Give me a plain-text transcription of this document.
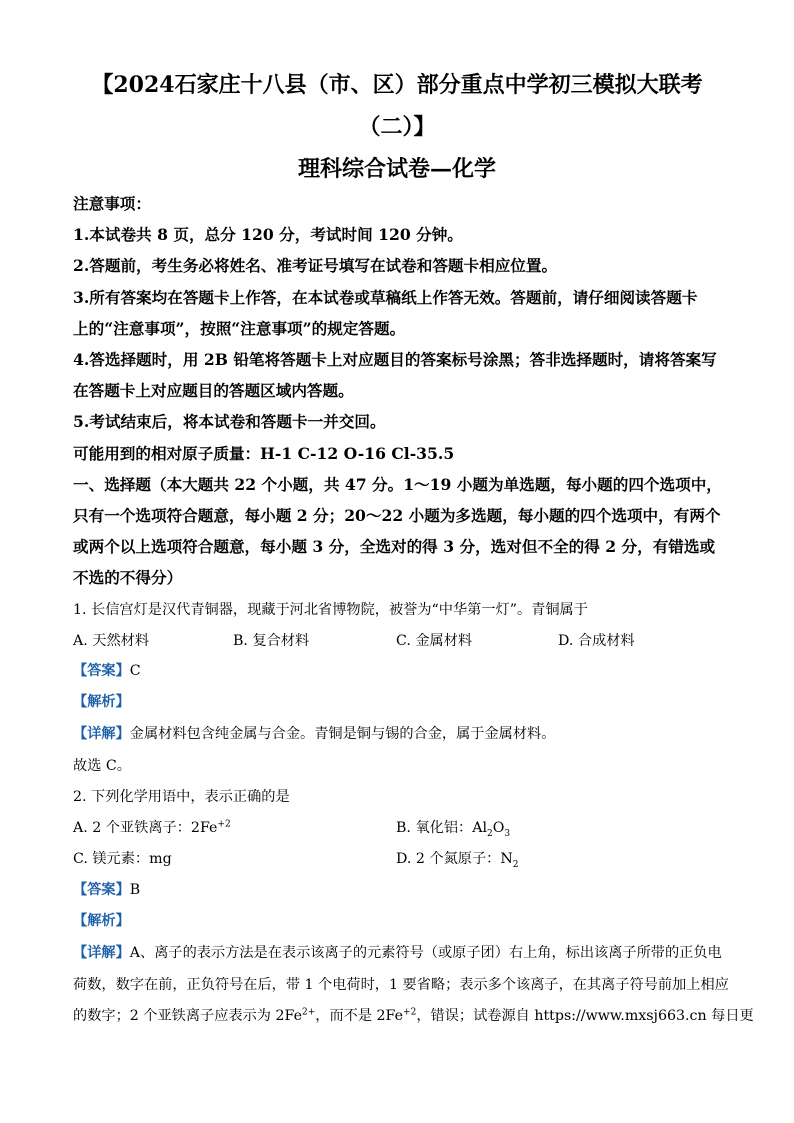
【2024石家庄十八县（市、区）部分重点中学初三模拟大联考
（二）】
理科综合试卷—化学
注意事项：
1.本试卷共 8 页，总分 120 分，考试时间 120 分钟。
2.答题前，考生务必将姓名、准考证号填写在试卷和答题卡相应位置。
3.所有答案均在答题卡上作答，在本试卷或草稿纸上作答无效。答题前，请仔细阅读答题卡
上的“注意事项”，按照“注意事项”的规定答题。
4.答选择题时，用 2B 铅笔将答题卡上对应题目的答案标号涂黑；答非选择题时，请将答案写
在答题卡上对应题目的答题区域内答题。
5.考试结束后，将本试卷和答题卡一并交回。
可能用到的相对原子质量：H-1 C-12 O-16 Cl-35.5
一、选择题（本大题共 22 个小题，共 47 分。1～19 小题为单选题，每小题的四个选项中，
只有一个选项符合题意，每小题 2 分；20～22 小题为多选题，每小题的四个选项中，有两个
或两个以上选项符合题意，每小题 3 分，全选对的得 3 分，选对但不全的得 2 分，有错选或
不选的不得分）
1. 长信宫灯是汉代青铜器，现藏于河北省博物院，被誉为“中华第一灯”。青铜属于
A. 天然材料	B. 复合材料	C. 金属材料	D. 合成材料
【答案】C
【解析】
【详解】金属材料包含纯金属与合金。青铜是铜与锡的合金，属于金属材料。
故选 C。
2. 下列化学用语中，表示正确的是
A. 2 个亚铁离子：$2Fe^{+2}$	B. 氧化铝：$Al_2O_3$
C. 镁元素：mg	D. 2 个氮原子：$N_2$
【答案】B
【解析】
【详解】A、离子的表示方法是在表示该离子的元素符号（或原子团）右上角，标出该离子所带的正负电
荷数，数字在前，正负符号在后，带 1 个电荷时，1 要省略；表示多个该离子，在其离子符号前加上相应
的数字；2 个亚铁离子应表示为 $2Fe^{2+}$，而不是 $2Fe^{+2}$，错误；试卷源自 https://www.mxsj663.cn 每日更
